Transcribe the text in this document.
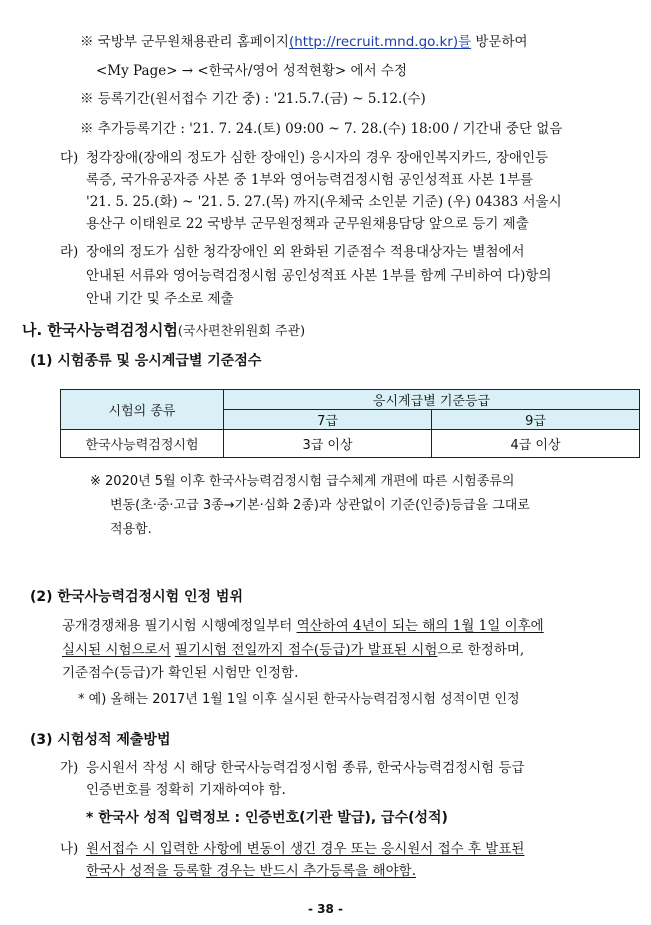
※ 국방부 군무원채용관리 홈페이지(http://recruit.mnd.go.kr)를 방문하여
<My Page> → <한국사/영어 성적현황> 에서 수정
※ 등록기간(원서접수 기간 중) : '21.5.7.(금) ~ 5.12.(수)
※ 추가등록기간 : '21. 7. 24.(토) 09:00 ~ 7. 28.(수) 18:00 / 기간내 중단 없음
다) 청각장애(장애의 정도가 심한 장애인) 응시자의 경우 장애인복지카드, 장애인등
록증, 국가유공자증 사본 중 1부와 영어능력검정시험 공인성적표 사본 1부를
'21. 5. 25.(화) ~ '21. 5. 27.(목) 까지(우체국 소인분 기준) (우) 04383 서울시
용산구 이태원로 22 국방부 군무원정책과 군무원채용담당 앞으로 등기 제출
라) 장애의 정도가 심한 청각장애인 외 완화된 기준점수 적용대상자는 별첨에서
안내된 서류와 영어능력검정시험 공인성적표 사본 1부를 함께 구비하여 다)항의
안내 기간 및 주소로 제출
나. 한국사능력검정시험(국사편찬위원회 주관)
(1) 시험종류 및 응시계급별 기준점수
시험의 종류	응시계급별 기준등급	
	7급	9급
한국사능력검정시험	3급 이상	4급 이상
※ 2020년 5월 이후 한국사능력검정시험 급수체계 개편에 따른 시험종류의
변동(초·중·고급 3종→기본·심화 2종)과 상관없이 기준(인증)등급을 그대로
적용함.
(2) 한국사능력검정시험 인정 범위
공개경쟁채용 필기시험 시행예정일부터 역산하여 4년이 되는 해의 1월 1일 이후에
실시된 시험으로서 필기시험 전일까지 점수(등급)가 발표된 시험으로 한정하며,
기준점수(등급)가 확인된 시험만 인정함.
* 예) 올해는 2017년 1월 1일 이후 실시된 한국사능력검정시험 성적이면 인정
(3) 시험성적 제출방법
가) 응시원서 작성 시 해당 한국사능력검정시험 종류, 한국사능력검정시험 등급
인증번호를 정확히 기재하여야 함.
* 한국사 성적 입력정보 : 인증번호(기관 발급), 급수(성적)
나) 원서접수 시 입력한 사항에 변동이 생긴 경우 또는 응시원서 접수 후 발표된
한국사 성적을 등록할 경우는 반드시 추가등록을 해야함.
- 38 -
